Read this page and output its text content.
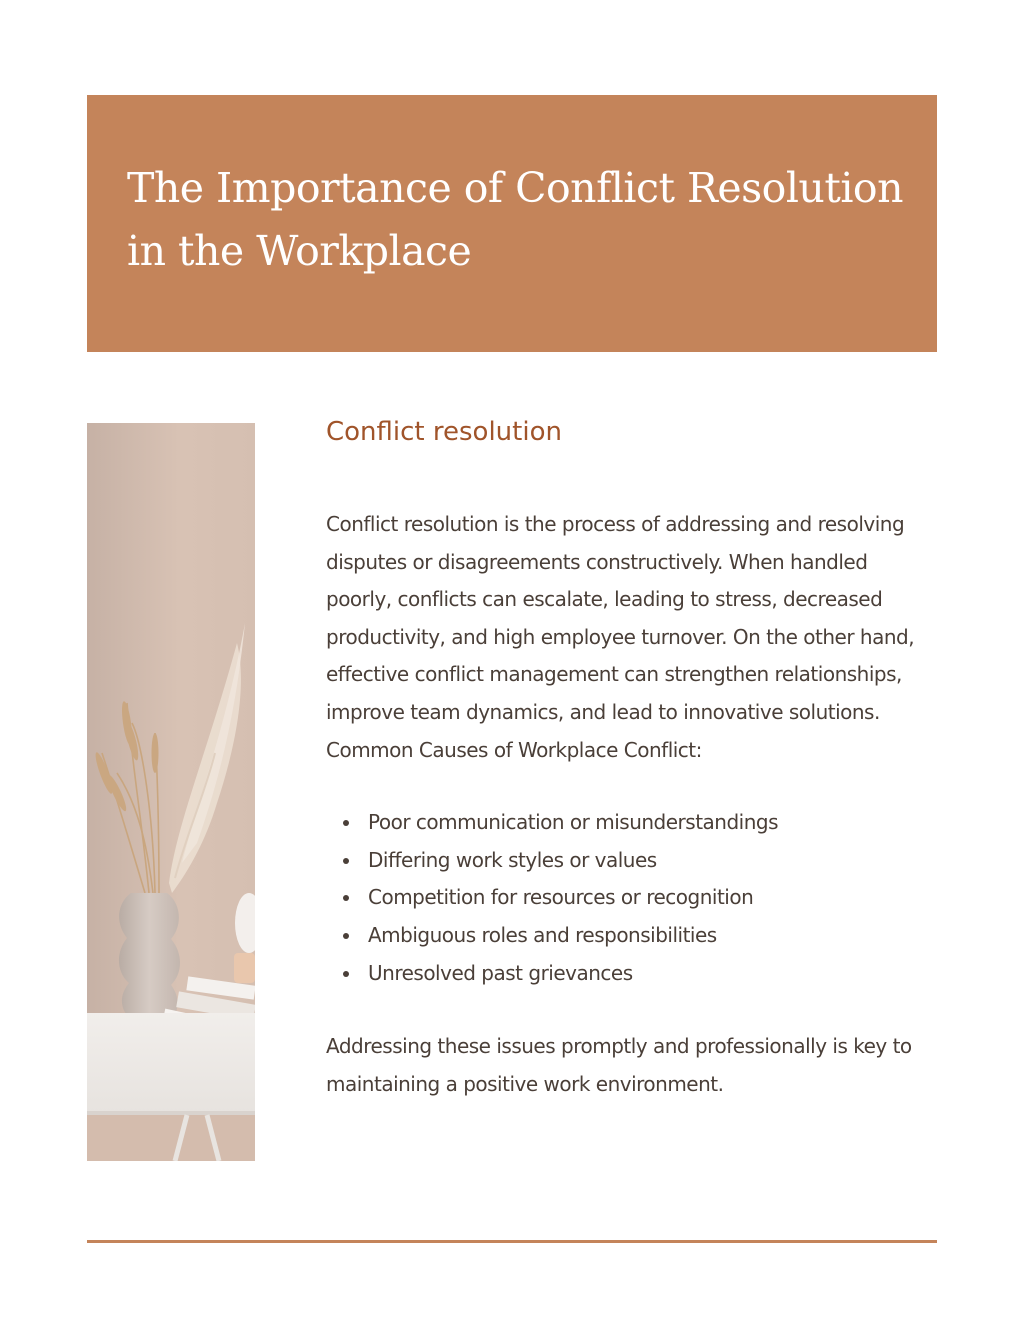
The Importance of Conflict Resolution
in the Workplace
Conflict resolution

Conflict resolution is the process of addressing and resolving disputes or disagreements constructively. When handled poorly, conflicts can escalate, leading to stress, decreased productivity, and high employee turnover. On the other hand, effective conflict management can strengthen relationships, improve team dynamics, and lead to innovative solutions. Common Causes of Workplace Conflict:

Poor communication or misunderstandings
Differing work styles or values
Competition for resources or recognition
Ambiguous roles and responsibilities
Unresolved past grievances

Addressing these issues promptly and professionally is key to maintaining a positive work environment.
